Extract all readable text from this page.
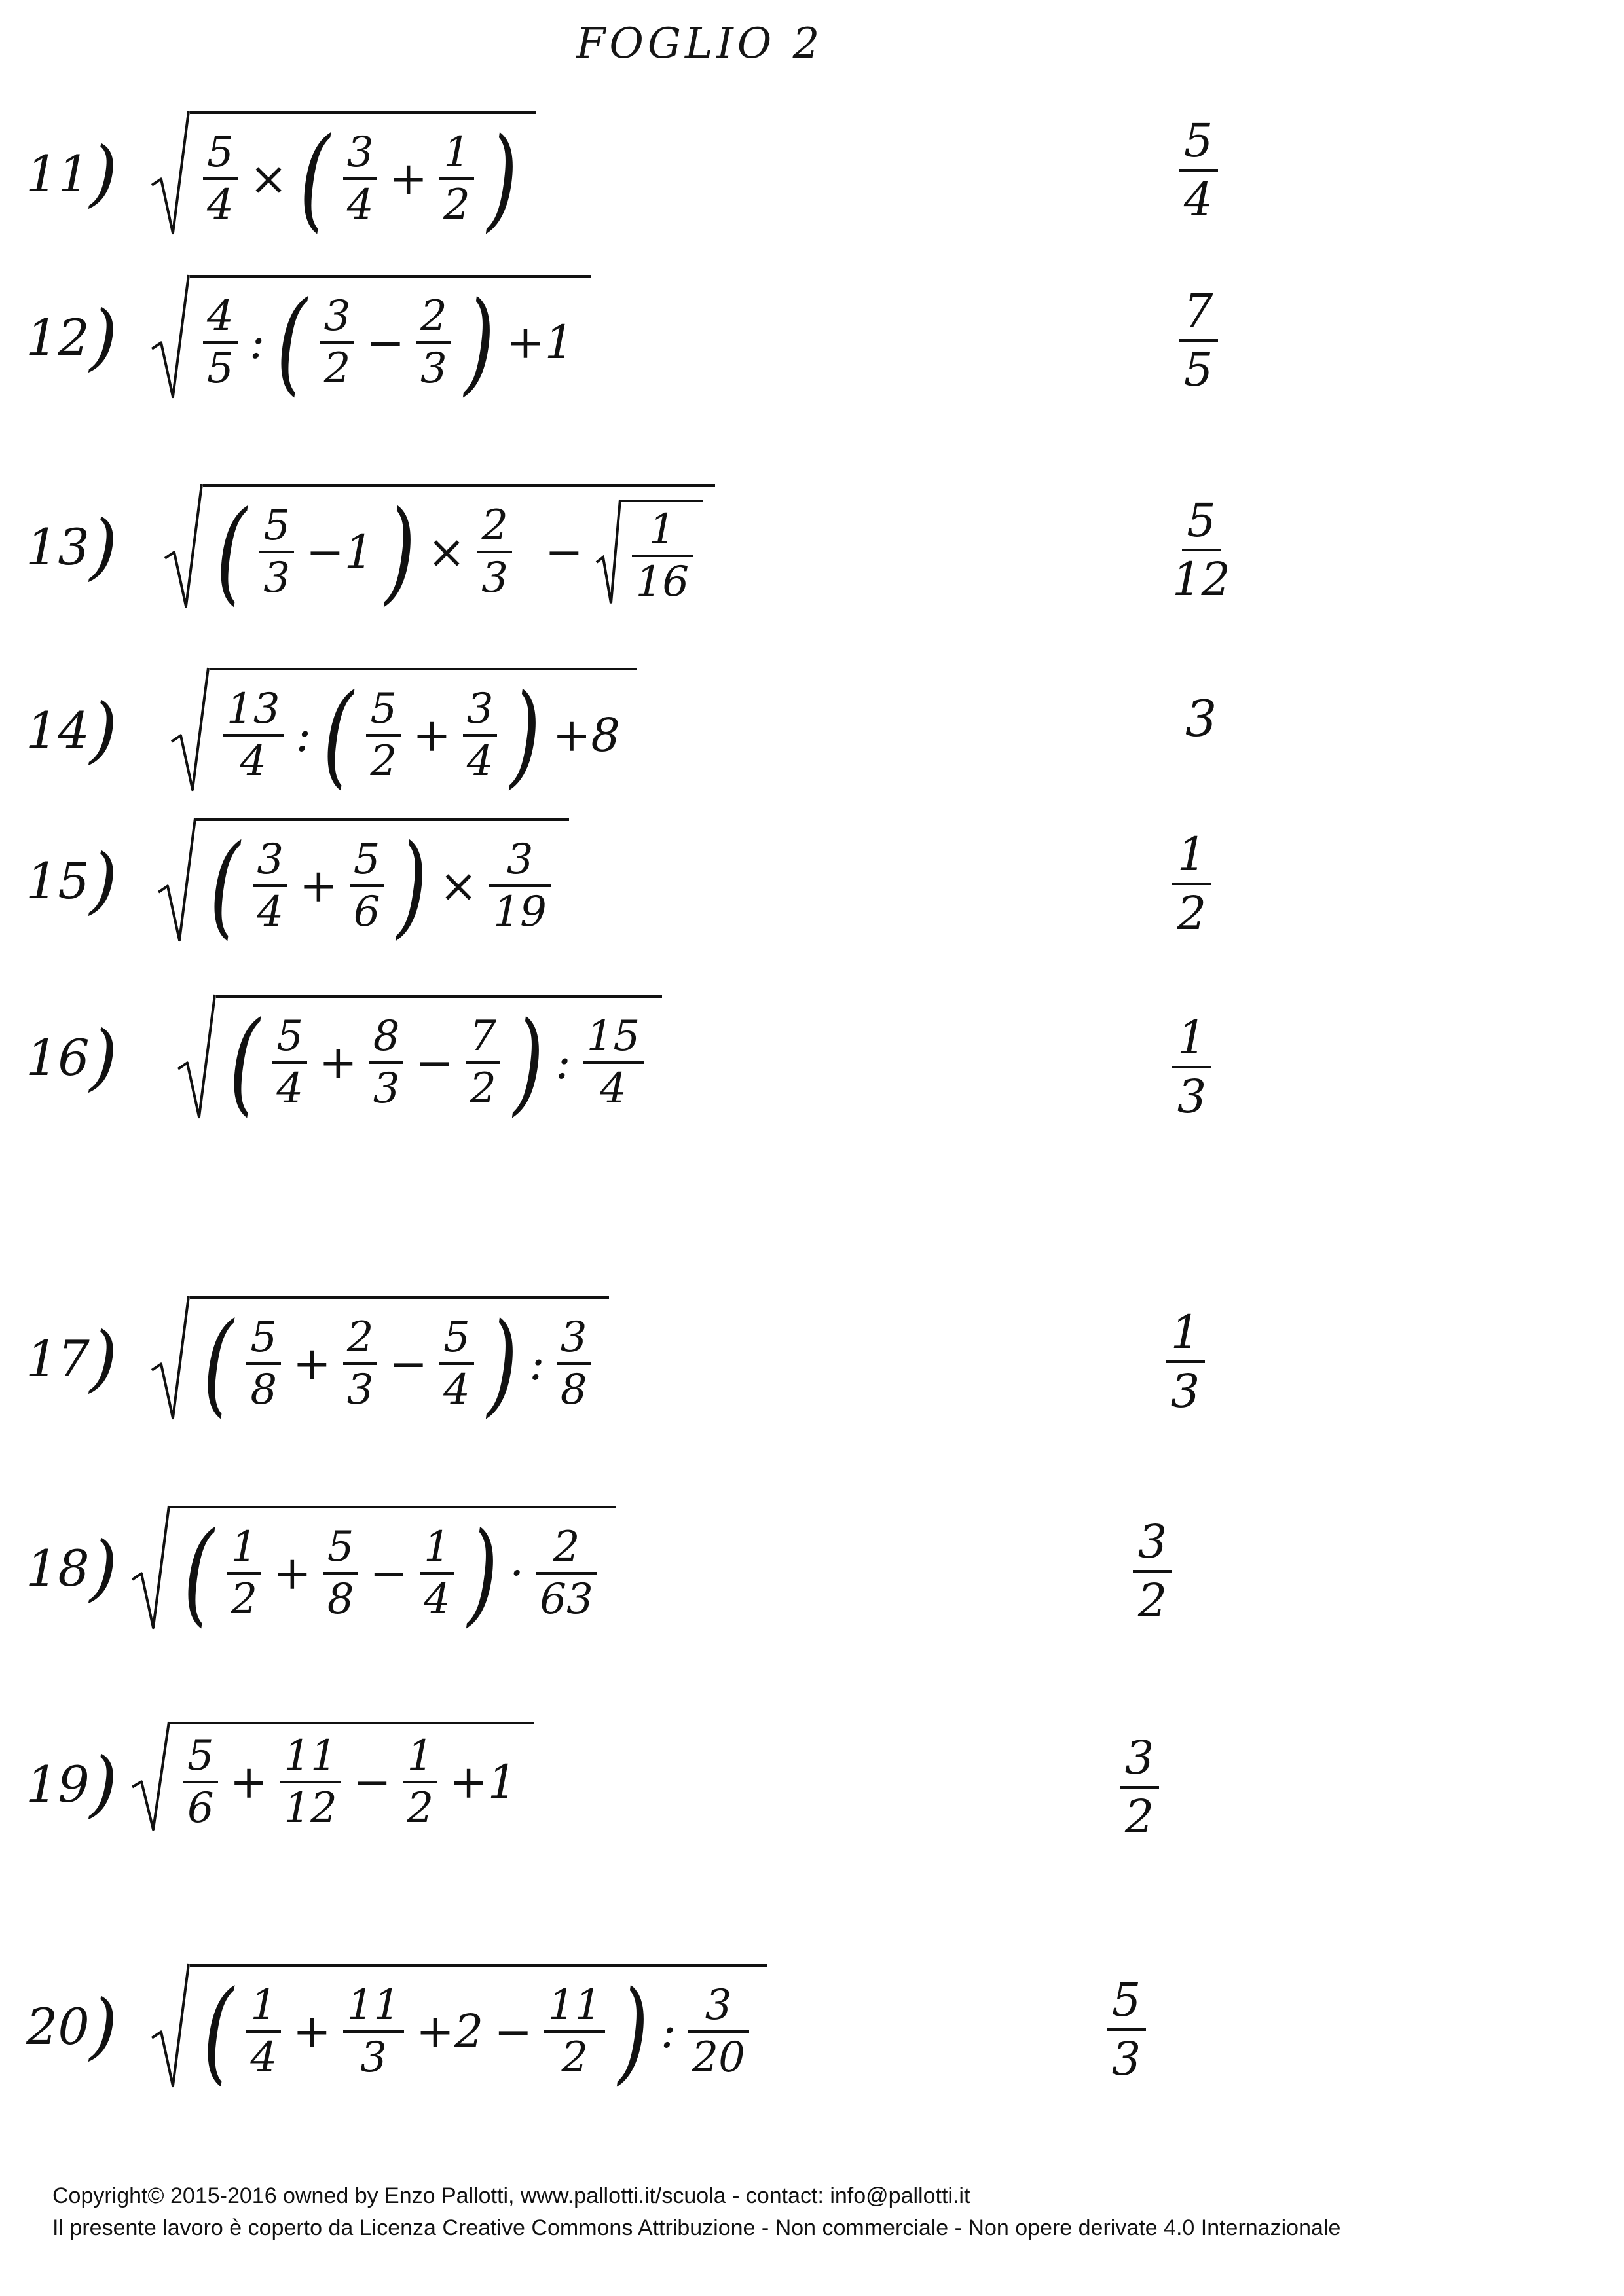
FOGLIO 2
$11) \frac{5}{4}$ × ( $\frac{3}{4} + \frac{1}{2}$ )	5
4
$12) \frac{4}{5}$ : ( $\frac{3}{2} - \frac{2}{3}$ ) +1
7
5
13) ( $\frac{5}{3} -1$ ) × $\frac{2}{3} - \frac{1}{16}$	5
12
14)	$\frac{13}{4}$ : ( $\frac{5}{2} + \frac{3}{4}$ ) +8	3
15) ( $\frac{3}{4} + \frac{5}{6}$ ) × $\frac{3}{19}$	1
2
16) ( $\frac{5}{4} + \frac{8}{3} - \frac{7}{2}$ ) : $\frac{15}{4}$	1
3
17) ( $\frac{5}{8} + \frac{2}{3} - \frac{5}{4}$ ) : $\frac{3}{8}$	1
3
18) ( $\frac{1}{2} + \frac{5}{8} - \frac{1}{4}$ ) · $\frac{2}{63}$	3
2
$19) \frac{5}{6} + \frac{11}{12} - \frac{1}{2} +1$	3
2
20) ( $\frac{1}{4} + \frac{11}{3} +2 - \frac{11}{2}$ ) : $\frac{3}{20}$	5
3
Copyright© 2015-2016 owned by Enzo Pallotti, www.pallotti.it/scuola - contact: info@pallotti.it
Il presente lavoro è coperto da Licenza Creative Commons Attribuzione - Non commerciale - Non opere derivate 4.0 Internazionale
